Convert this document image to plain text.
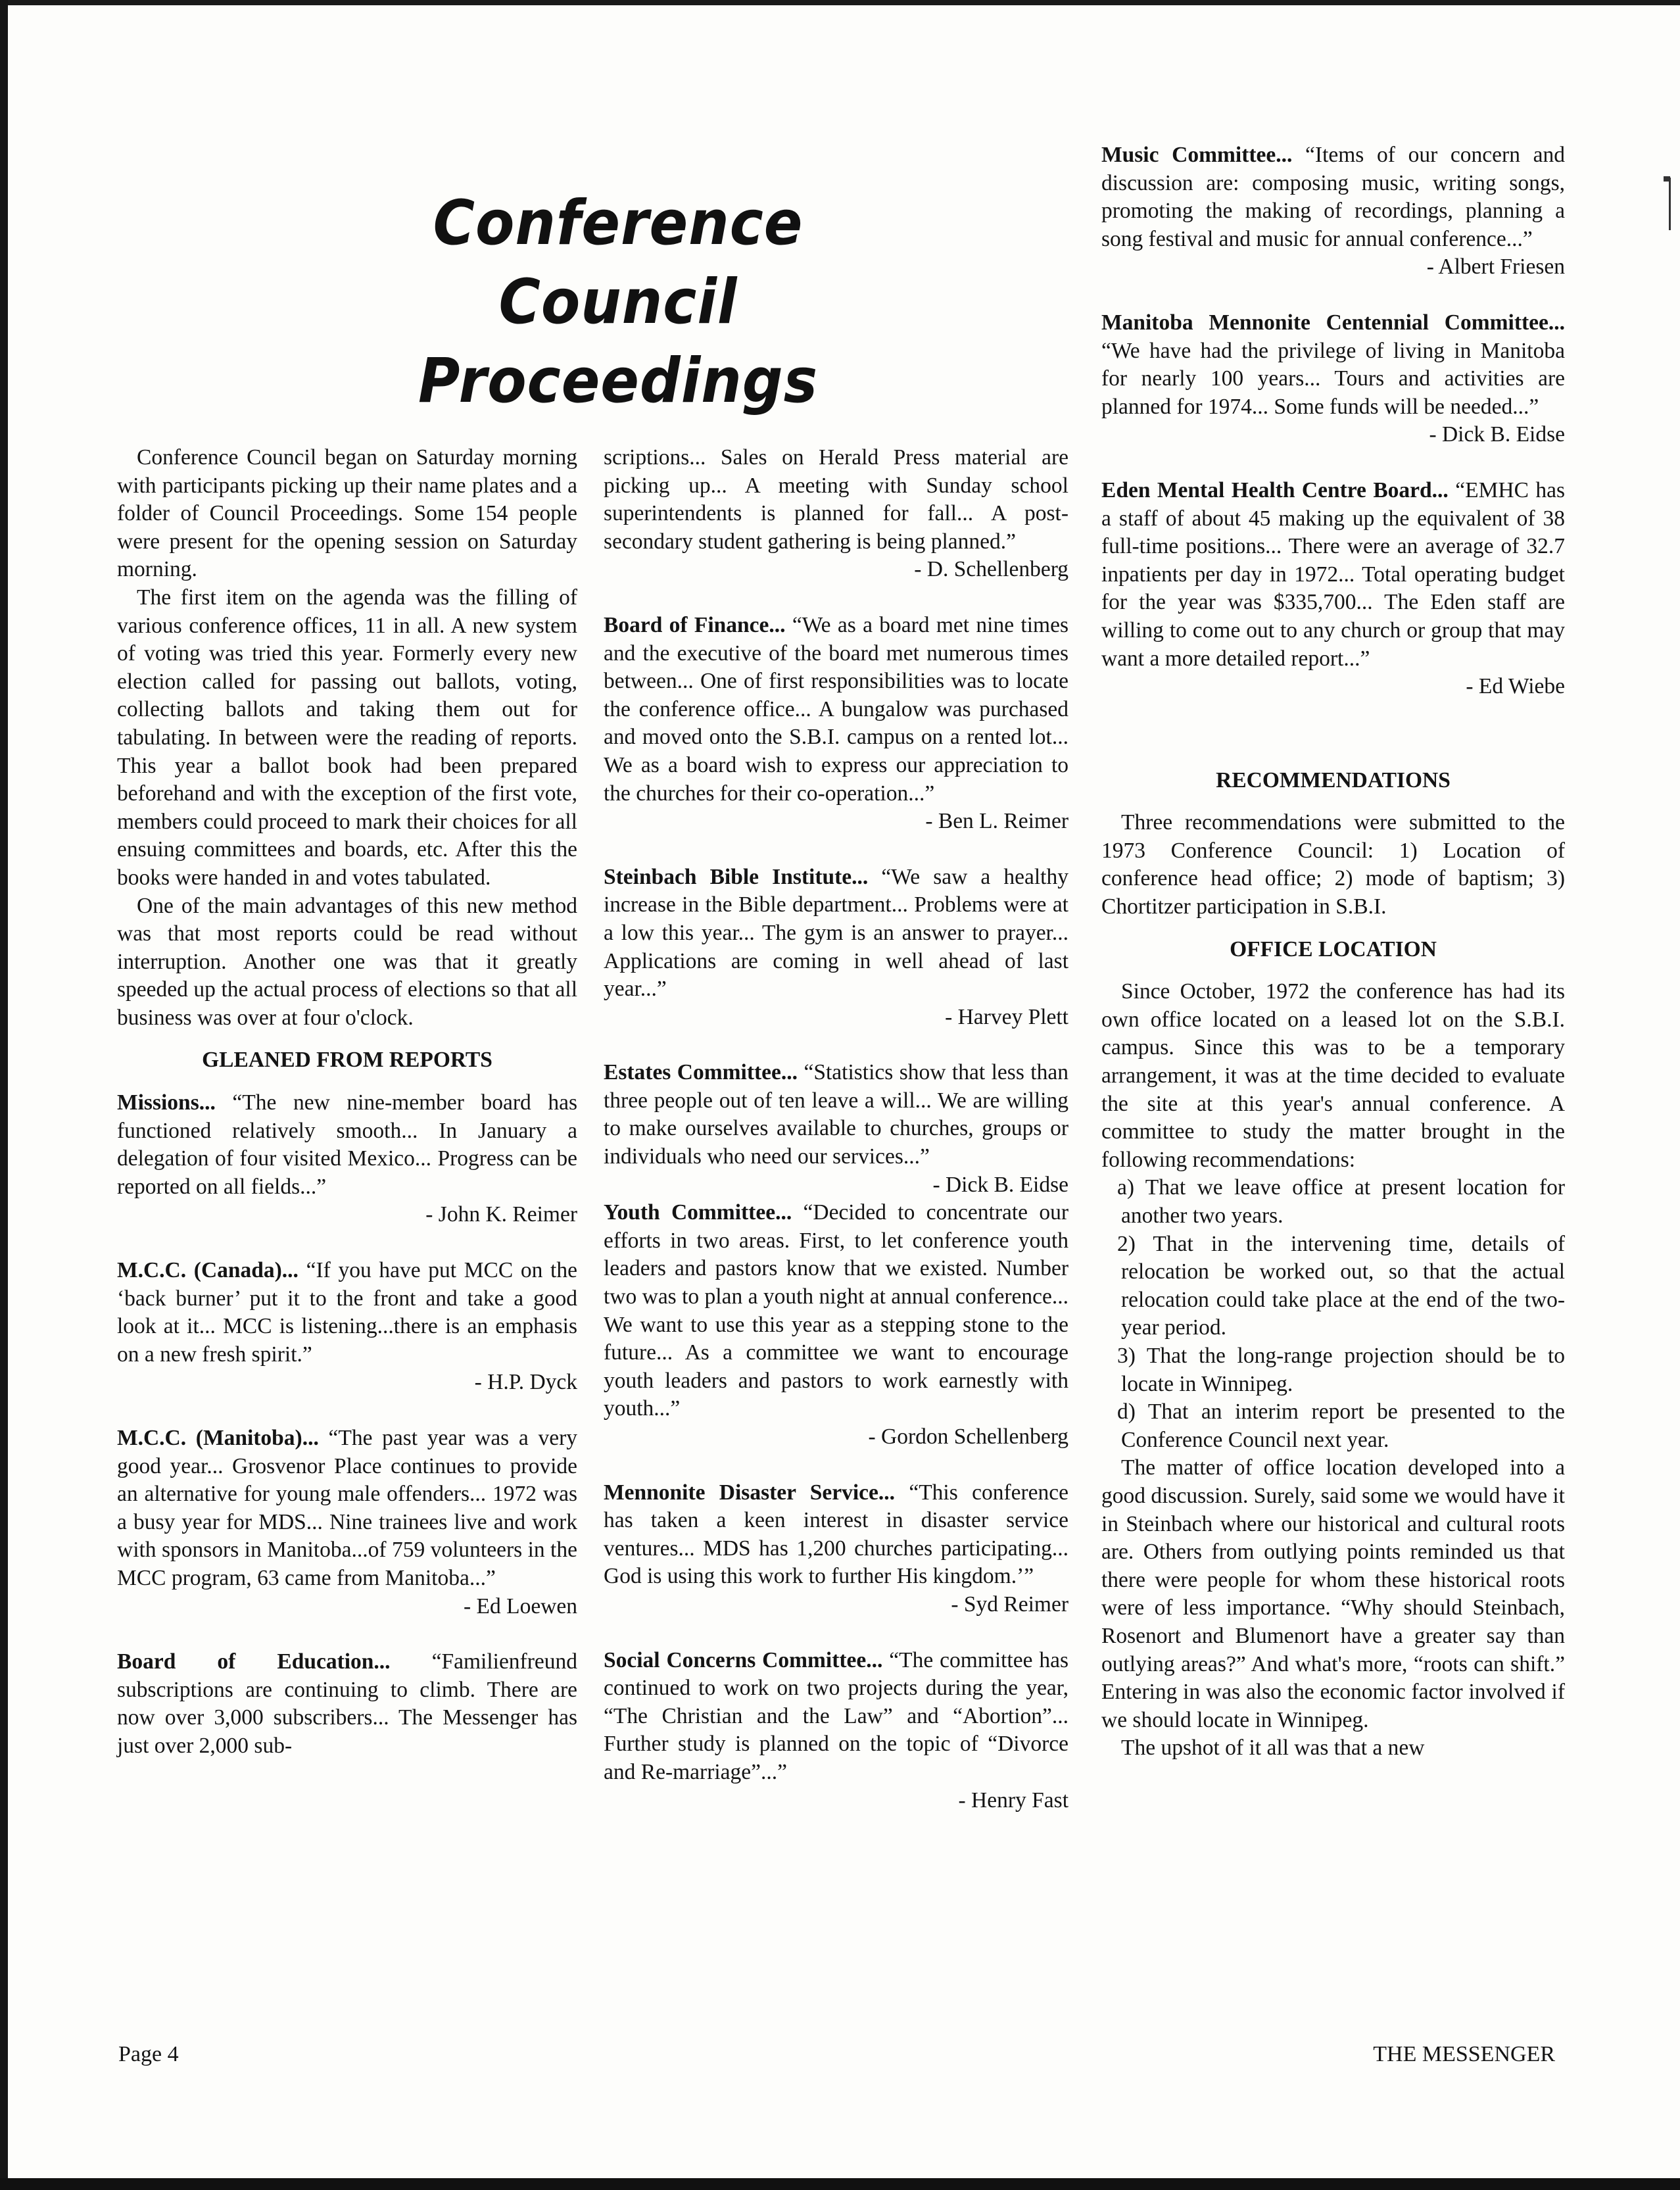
Conference Council
Proceedings

Conference Council began on Saturday morning with participants picking up their name plates and a folder of Council Proceedings. Some 154 people were present for the opening session on Saturday morning.

The first item on the agenda was the filling of various conference offices, 11 in all. A new system of voting was tried this year. Formerly every new election called for passing out ballots, voting, collecting ballots and taking them out for tabulating. In between were the reading of reports. This year a ballot book had been prepared beforehand and with the exception of the first vote, members could proceed to mark their choices for all ensuing committees and boards, etc. After this the books were handed in and votes tabulated.

One of the main advantages of this new method was that most reports could be read without interruption. Another one was that it greatly speeded up the actual process of elections so that all business was over at four o'clock.

GLEANED FROM REPORTS

Missions... “The new nine-member board has functioned relatively smooth... In January a delegation of four visited Mexico... Progress can be reported on all fields...”

- John K. Reimer

M.C.C. (Canada)... “If you have put MCC on the ‘back burner’ put it to the front and take a good look at it... MCC is listening...there is an emphasis on a new fresh spirit.”

- H.P. Dyck

M.C.C. (Manitoba)... “The past year was a very good year... Grosvenor Place continues to provide an alternative for young male offenders... 1972 was a busy year for MDS... Nine trainees live and work with sponsors in Manitoba...of 759 volunteers in the MCC program, 63 came from Manitoba...”

- Ed Loewen

Board of Education... “Familienfreund subscriptions are continuing to climb. There are now over 3,000 subscribers... The Messenger has just over 2,000 sub-

scriptions... Sales on Herald Press material are picking up... A meeting with Sunday school superintendents is planned for fall... A post-secondary student gathering is being planned.”

- D. Schellenberg

Board of Finance... “We as a board met nine times and the executive of the board met numerous times between... One of first responsibilities was to locate the conference office... A bungalow was purchased and moved onto the S.B.I. campus on a rented lot... We as a board wish to express our appreciation to the churches for their co-operation...”

- Ben L. Reimer

Steinbach Bible Institute... “We saw a healthy increase in the Bible department... Problems were at a low this year... The gym is an answer to prayer... Applications are coming in well ahead of last year...”

- Harvey Plett

Estates Committee... “Statistics show that less than three people out of ten leave a will... We are willing to make ourselves available to churches, groups or individuals who need our services...”

- Dick B. Eidse

Youth Committee... “Decided to concentrate our efforts in two areas. First, to let conference youth leaders and pastors know that we existed. Number two was to plan a youth night at annual conference... We want to use this year as a stepping stone to the future... As a committee we want to encourage youth leaders and pastors to work earnestly with youth...”

- Gordon Schellenberg

Mennonite Disaster Service... “This conference has taken a keen interest in disaster service ventures... MDS has 1,200 churches participating... God is using this work to further His kingdom.’”

- Syd Reimer

Social Concerns Committee... “The committee has continued to work on two projects during the year, “The Christian and the Law” and “Abortion”... Further study is planned on the topic of “Divorce and Re-marriage”...”

- Henry Fast

Music Committee... “Items of our concern and discussion are: composing music, writing songs, promoting the making of recordings, planning a song festival and music for annual conference...”

- Albert Friesen

Manitoba Mennonite Centennial Committee... “We have had the privilege of living in Manitoba for nearly 100 years... Tours and activities are planned for 1974... Some funds will be needed...”

- Dick B. Eidse

Eden Mental Health Centre Board... “EMHC has a staff of about 45 making up the equivalent of 38 full-time positions... There were an average of 32.7 inpatients per day in 1972... Total operating budget for the year was $335,700... The Eden staff are willing to come out to any church or group that may want a more detailed report...”

- Ed Wiebe

RECOMMENDATIONS

Three recommendations were submitted to the 1973 Conference Council: 1) Location of conference head office; 2) mode of baptism; 3) Chortitzer participation in S.B.I.

OFFICE LOCATION

Since October, 1972 the conference has had its own office located on a leased lot on the S.B.I. campus. Since this was to be a temporary arrangement, it was at the time decided to evaluate the site at this year's annual conference. A committee to study the matter brought in the following recommendations:

a) That we leave office at present location for another two years.

2) That in the intervening time, details of relocation be worked out, so that the actual relocation could take place at the end of the two-year period.

3) That the long-range projection should be to locate in Winnipeg.

d) That an interim report be presented to the Conference Council next year.

The matter of office location developed into a good discussion. Surely, said some we would have it in Steinbach where our historical and cultural roots are. Others from outlying points reminded us that there were people for whom these historical roots were of less importance. “Why should Steinbach, Rosenort and Blumenort have a greater say than outlying areas?” And what's more, “roots can shift.” Entering in was also the economic factor involved if we should locate in Winnipeg.

The upshot of it all was that a new

Page 4	THE MESSENGER
